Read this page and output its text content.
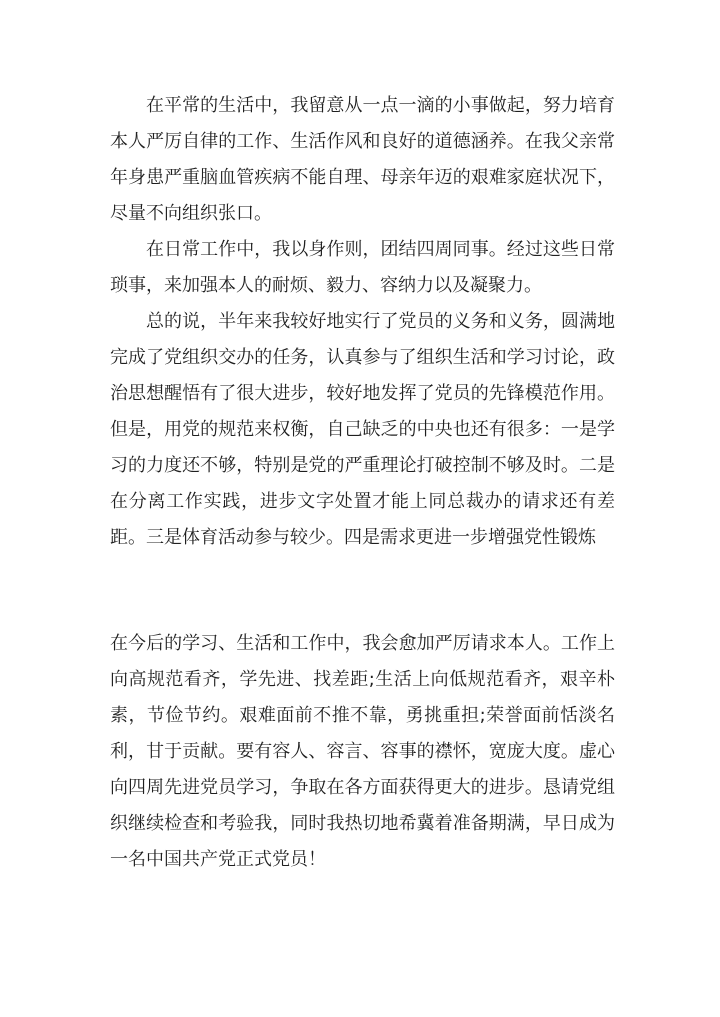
在平常的生活中，我留意从一点一滴的小事做起，努力培育本人严厉自律的工作、生活作风和良好的道德涵养。在我父亲常年身患严重脑血管疾病不能自理、母亲年迈的艰难家庭状况下，尽量不向组织张口。

在日常工作中，我以身作则，团结四周同事。经过这些日常琐事，来加强本人的耐烦、毅力、容纳力以及凝聚力。

总的说，半年来我较好地实行了党员的义务和义务，圆满地完成了党组织交办的任务，认真参与了组织生活和学习讨论，政治思想醒悟有了很大进步，较好地发挥了党员的先锋模范作用。但是，用党的规范来权衡，自己缺乏的中央也还有很多：一是学习的力度还不够，特别是党的严重理论打破控制不够及时。二是在分离工作实践，进步文字处置才能上同总裁办的请求还有差距。三是体育活动参与较少。四是需求更进一步增强党性锻炼

在今后的学习、生活和工作中，我会愈加严厉请求本人。工作上向高规范看齐，学先进、找差距;生活上向低规范看齐，艰辛朴素，节俭节约。艰难面前不推不靠，勇挑重担;荣誉面前恬淡名利，甘于贡献。要有容人、容言、容事的襟怀，宽庞大度。虚心向四周先进党员学习，争取在各方面获得更大的进步。恳请党组织继续检查和考验我，同时我热切地希冀着准备期满，早日成为一名中国共产党正式党员！
